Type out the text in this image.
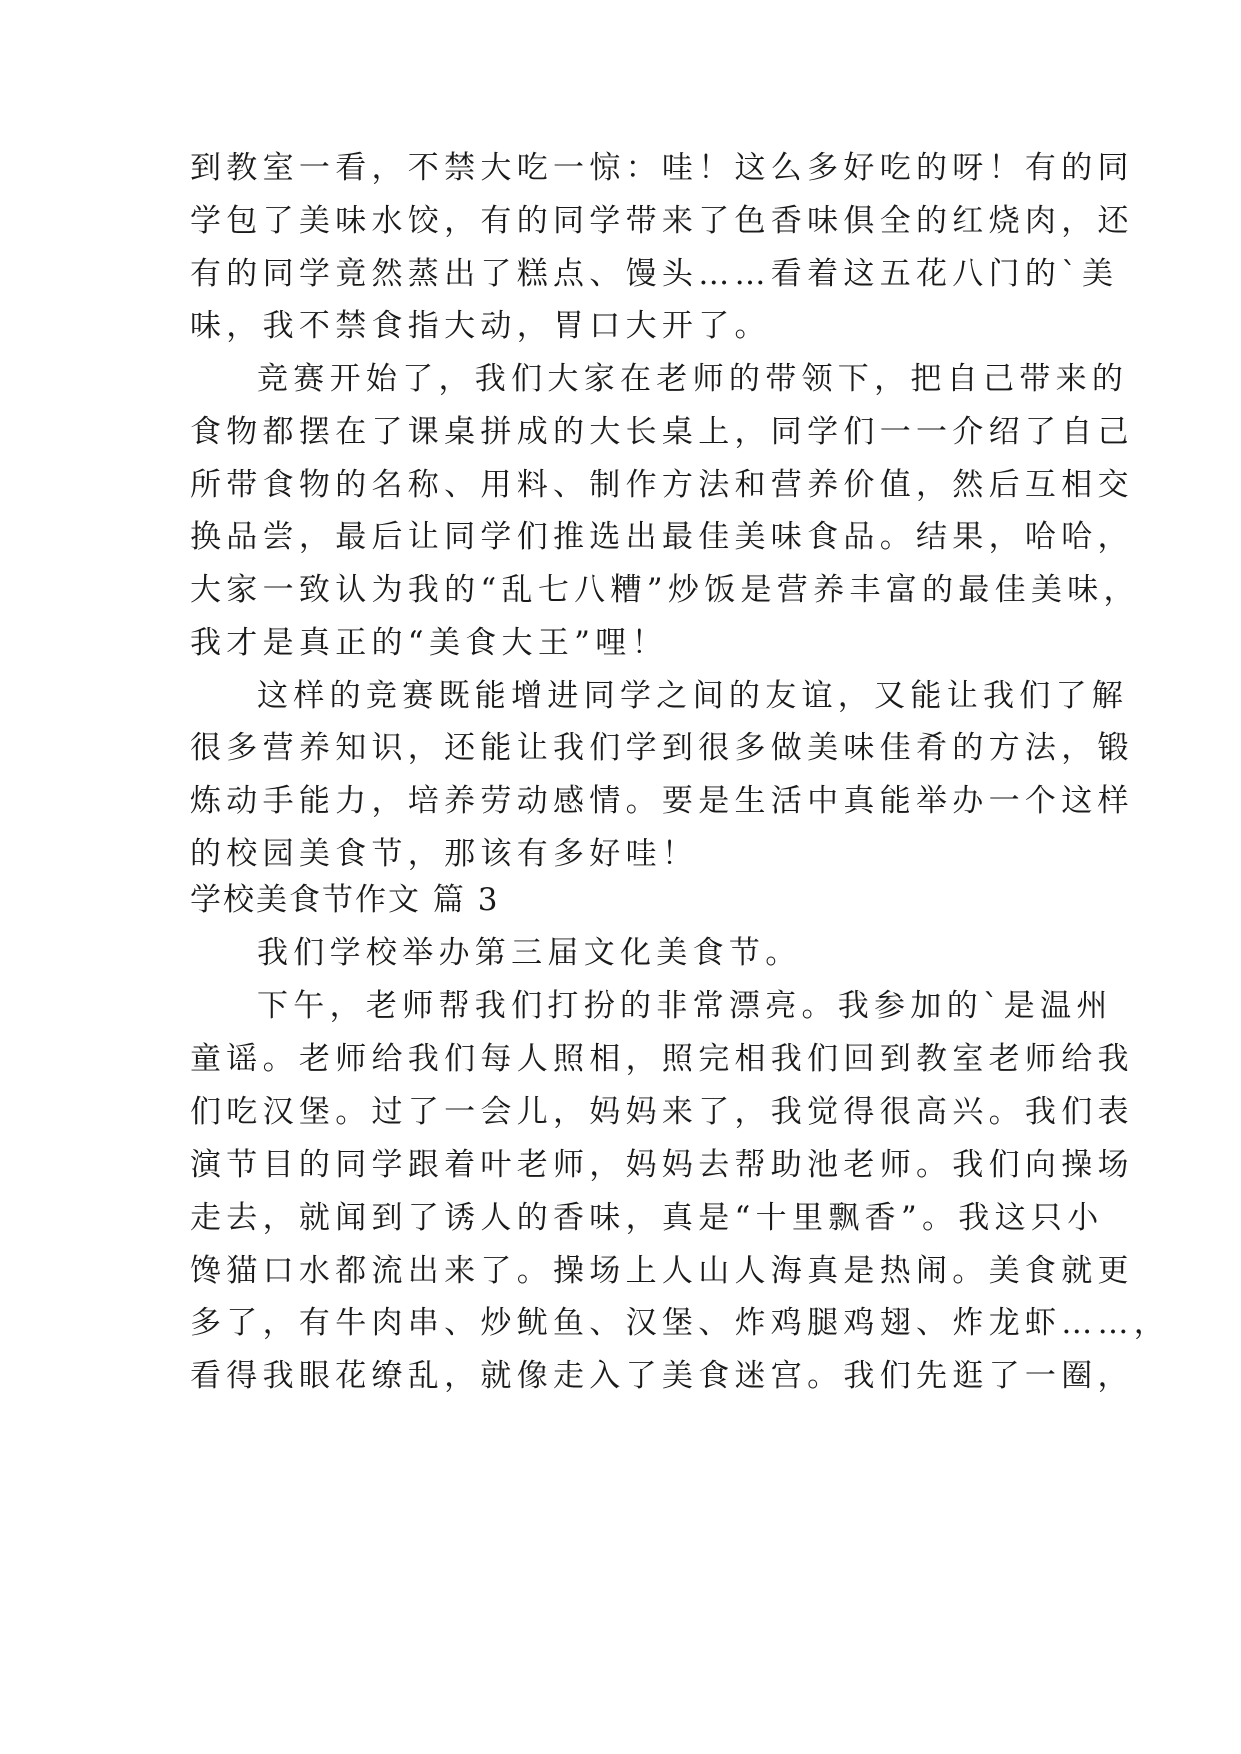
到教室一看，不禁大吃一惊：哇！这么多好吃的呀！有的同
学包了美味水饺，有的同学带来了色香味俱全的红烧肉，还
有的同学竟然蒸出了糕点、馒头……看着这五花八门的`美
味，我不禁食指大动，胃口大开了。
竞赛开始了，我们大家在老师的带领下，把自己带来的
食物都摆在了课桌拼成的大长桌上，同学们一一介绍了自己
所带食物的名称、用料、制作方法和营养价值，然后互相交
换品尝，最后让同学们推选出最佳美味食品。结果，哈哈，
大家一致认为我的“乱七八糟”炒饭是营养丰富的最佳美味，
我才是真正的“美食大王”哩！
这样的竞赛既能增进同学之间的友谊，又能让我们了解
很多营养知识，还能让我们学到很多做美味佳肴的方法，锻
炼动手能力，培养劳动感情。要是生活中真能举办一个这样
的校园美食节，那该有多好哇！
学校美食节作文 篇 3
我们学校举办第三届文化美食节。
下午，老师帮我们打扮的非常漂亮。我参加的`是温州
童谣。老师给我们每人照相，照完相我们回到教室老师给我
们吃汉堡。过了一会儿，妈妈来了，我觉得很高兴。我们表
演节目的同学跟着叶老师，妈妈去帮助池老师。我们向操场
走去，就闻到了诱人的香味，真是“十里飘香”。我这只小
馋猫口水都流出来了。操场上人山人海真是热闹。美食就更
多了，有牛肉串、炒鱿鱼、汉堡、炸鸡腿鸡翅、炸龙虾……，
看得我眼花缭乱，就像走入了美食迷宫。我们先逛了一圈，
